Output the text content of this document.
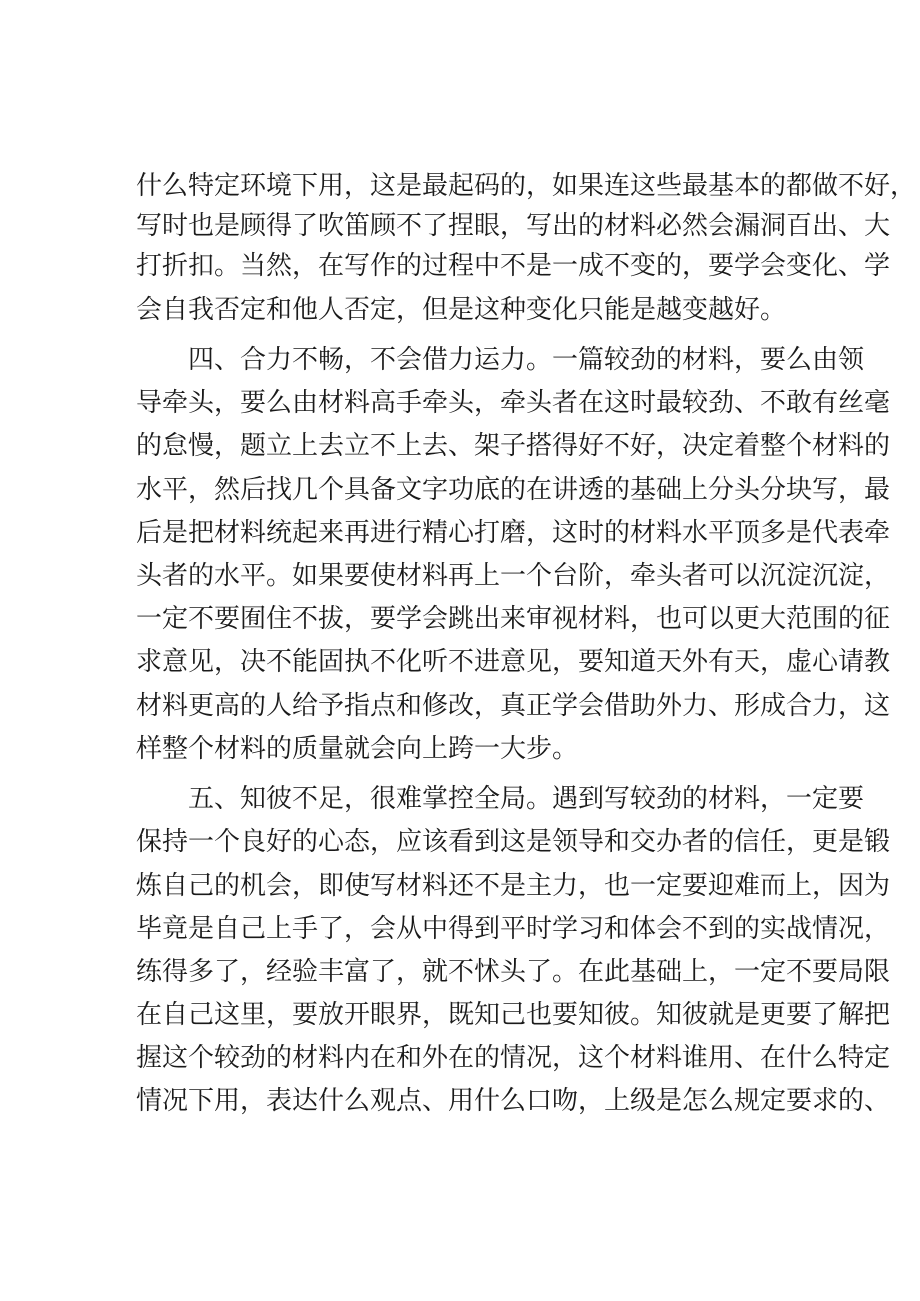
什么特定环境下用，这是最起码的，如果连这些最基本的都做不好，
写时也是顾得了吹笛顾不了捏眼，写出的材料必然会漏洞百出、大
打折扣。当然，在写作的过程中不是一成不变的，要学会变化、学
会自我否定和他人否定，但是这种变化只能是越变越好。
四、合力不畅，不会借力运力。一篇较劲的材料，要么由领
导牵头，要么由材料高手牵头，牵头者在这时最较劲、不敢有丝毫
的怠慢，题立上去立不上去、架子搭得好不好，决定着整个材料的
水平，然后找几个具备文字功底的在讲透的基础上分头分块写，最
后是把材料统起来再进行精心打磨，这时的材料水平顶多是代表牵
头者的水平。如果要使材料再上一个台阶，牵头者可以沉淀沉淀，
一定不要囿住不拔，要学会跳出来审视材料，也可以更大范围的征
求意见，决不能固执不化听不进意见，要知道天外有天，虚心请教
材料更高的人给予指点和修改，真正学会借助外力、形成合力，这
样整个材料的质量就会向上跨一大步。
五、知彼不足，很难掌控全局。遇到写较劲的材料，一定要
保持一个良好的心态，应该看到这是领导和交办者的信任，更是锻
炼自己的机会，即使写材料还不是主力，也一定要迎难而上，因为
毕竟是自己上手了，会从中得到平时学习和体会不到的实战情况，
练得多了，经验丰富了，就不怵头了。在此基础上，一定不要局限
在自己这里，要放开眼界，既知己也要知彼。知彼就是更要了解把
握这个较劲的材料内在和外在的情况，这个材料谁用、在什么特定
情况下用，表达什么观点、用什么口吻，上级是怎么规定要求的、
